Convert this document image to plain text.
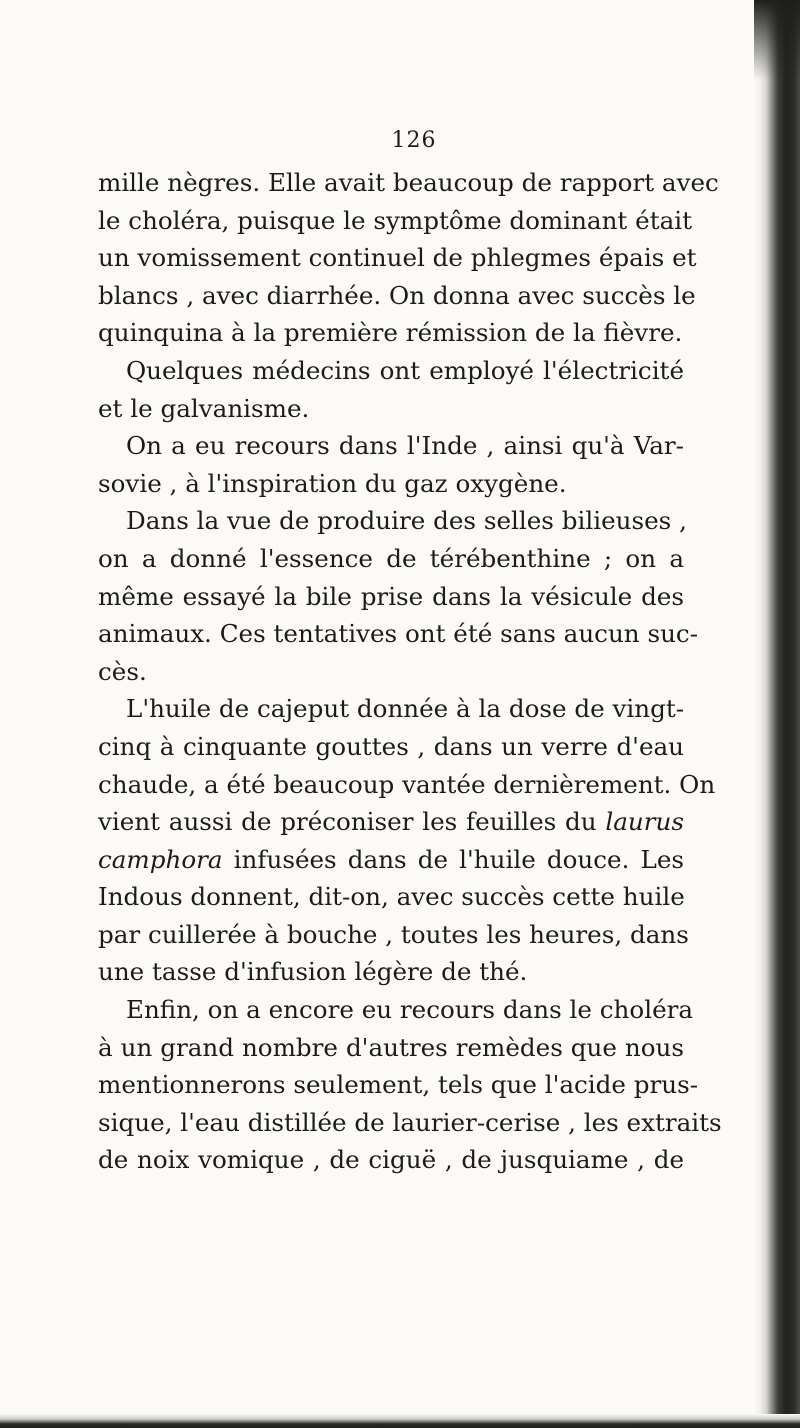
126
mille nègres. Elle avait beaucoup de rapport avec
le choléra, puisque le symptôme dominant était
un vomissement continuel de phlegmes épais et
blancs , avec diarrhée. On donna avec succès le
quinquina à la première rémission de la fièvre.
Quelques médecins ont employé l'électricité
et le galvanisme.
On a eu recours dans l'Inde , ainsi qu'à Var-
sovie , à l'inspiration du gaz oxygène.
Dans la vue de produire des selles bilieuses ,
on a donné l'essence de térébenthine ; on a
même essayé la bile prise dans la vésicule des
animaux. Ces tentatives ont été sans aucun suc-
cès.
L'huile de cajeput donnée à la dose de vingt-
cinq à cinquante gouttes , dans un verre d'eau
chaude, a été beaucoup vantée dernièrement. On
vient aussi de préconiser les feuilles du laurus
camphora infusées dans de l'huile douce. Les
Indous donnent, dit-on, avec succès cette huile
par cuillerée à bouche , toutes les heures, dans
une tasse d'infusion légère de thé.
Enfin, on a encore eu recours dans le choléra
à un grand nombre d'autres remèdes que nous
mentionnerons seulement, tels que l'acide prus-
sique, l'eau distillée de laurier-cerise , les extraits
de noix vomique , de ciguë , de jusquiame , de
